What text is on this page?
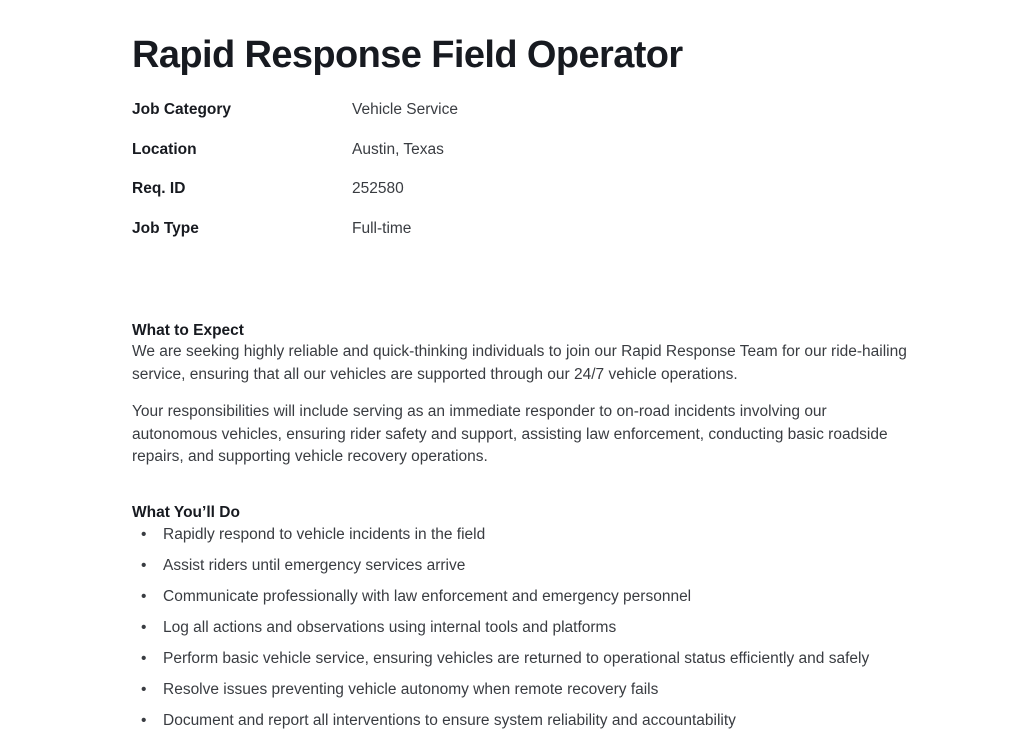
Rapid Response Field Operator
Job Category	Vehicle Service
Location	Austin, Texas
Req. ID	252580
Job Type	Full-time
What to Expect

We are seeking highly reliable and quick-thinking individuals to join our Rapid Response Team for our ride-hailing service, ensuring that all our vehicles are supported through our 24/7 vehicle operations.

Your responsibilities will include serving as an immediate responder to on-road incidents involving our autonomous vehicles, ensuring rider safety and support, assisting law enforcement, conducting basic roadside repairs, and supporting vehicle recovery operations.

What You’ll Do
•	Rapidly respond to vehicle incidents in the field
•	Assist riders until emergency services arrive
•	Communicate professionally with law enforcement and emergency personnel
•	Log all actions and observations using internal tools and platforms
•	Perform basic vehicle service, ensuring vehicles are returned to operational status efficiently and safely
•	Resolve issues preventing vehicle autonomy when remote recovery fails
•	Document and report all interventions to ensure system reliability and accountability
